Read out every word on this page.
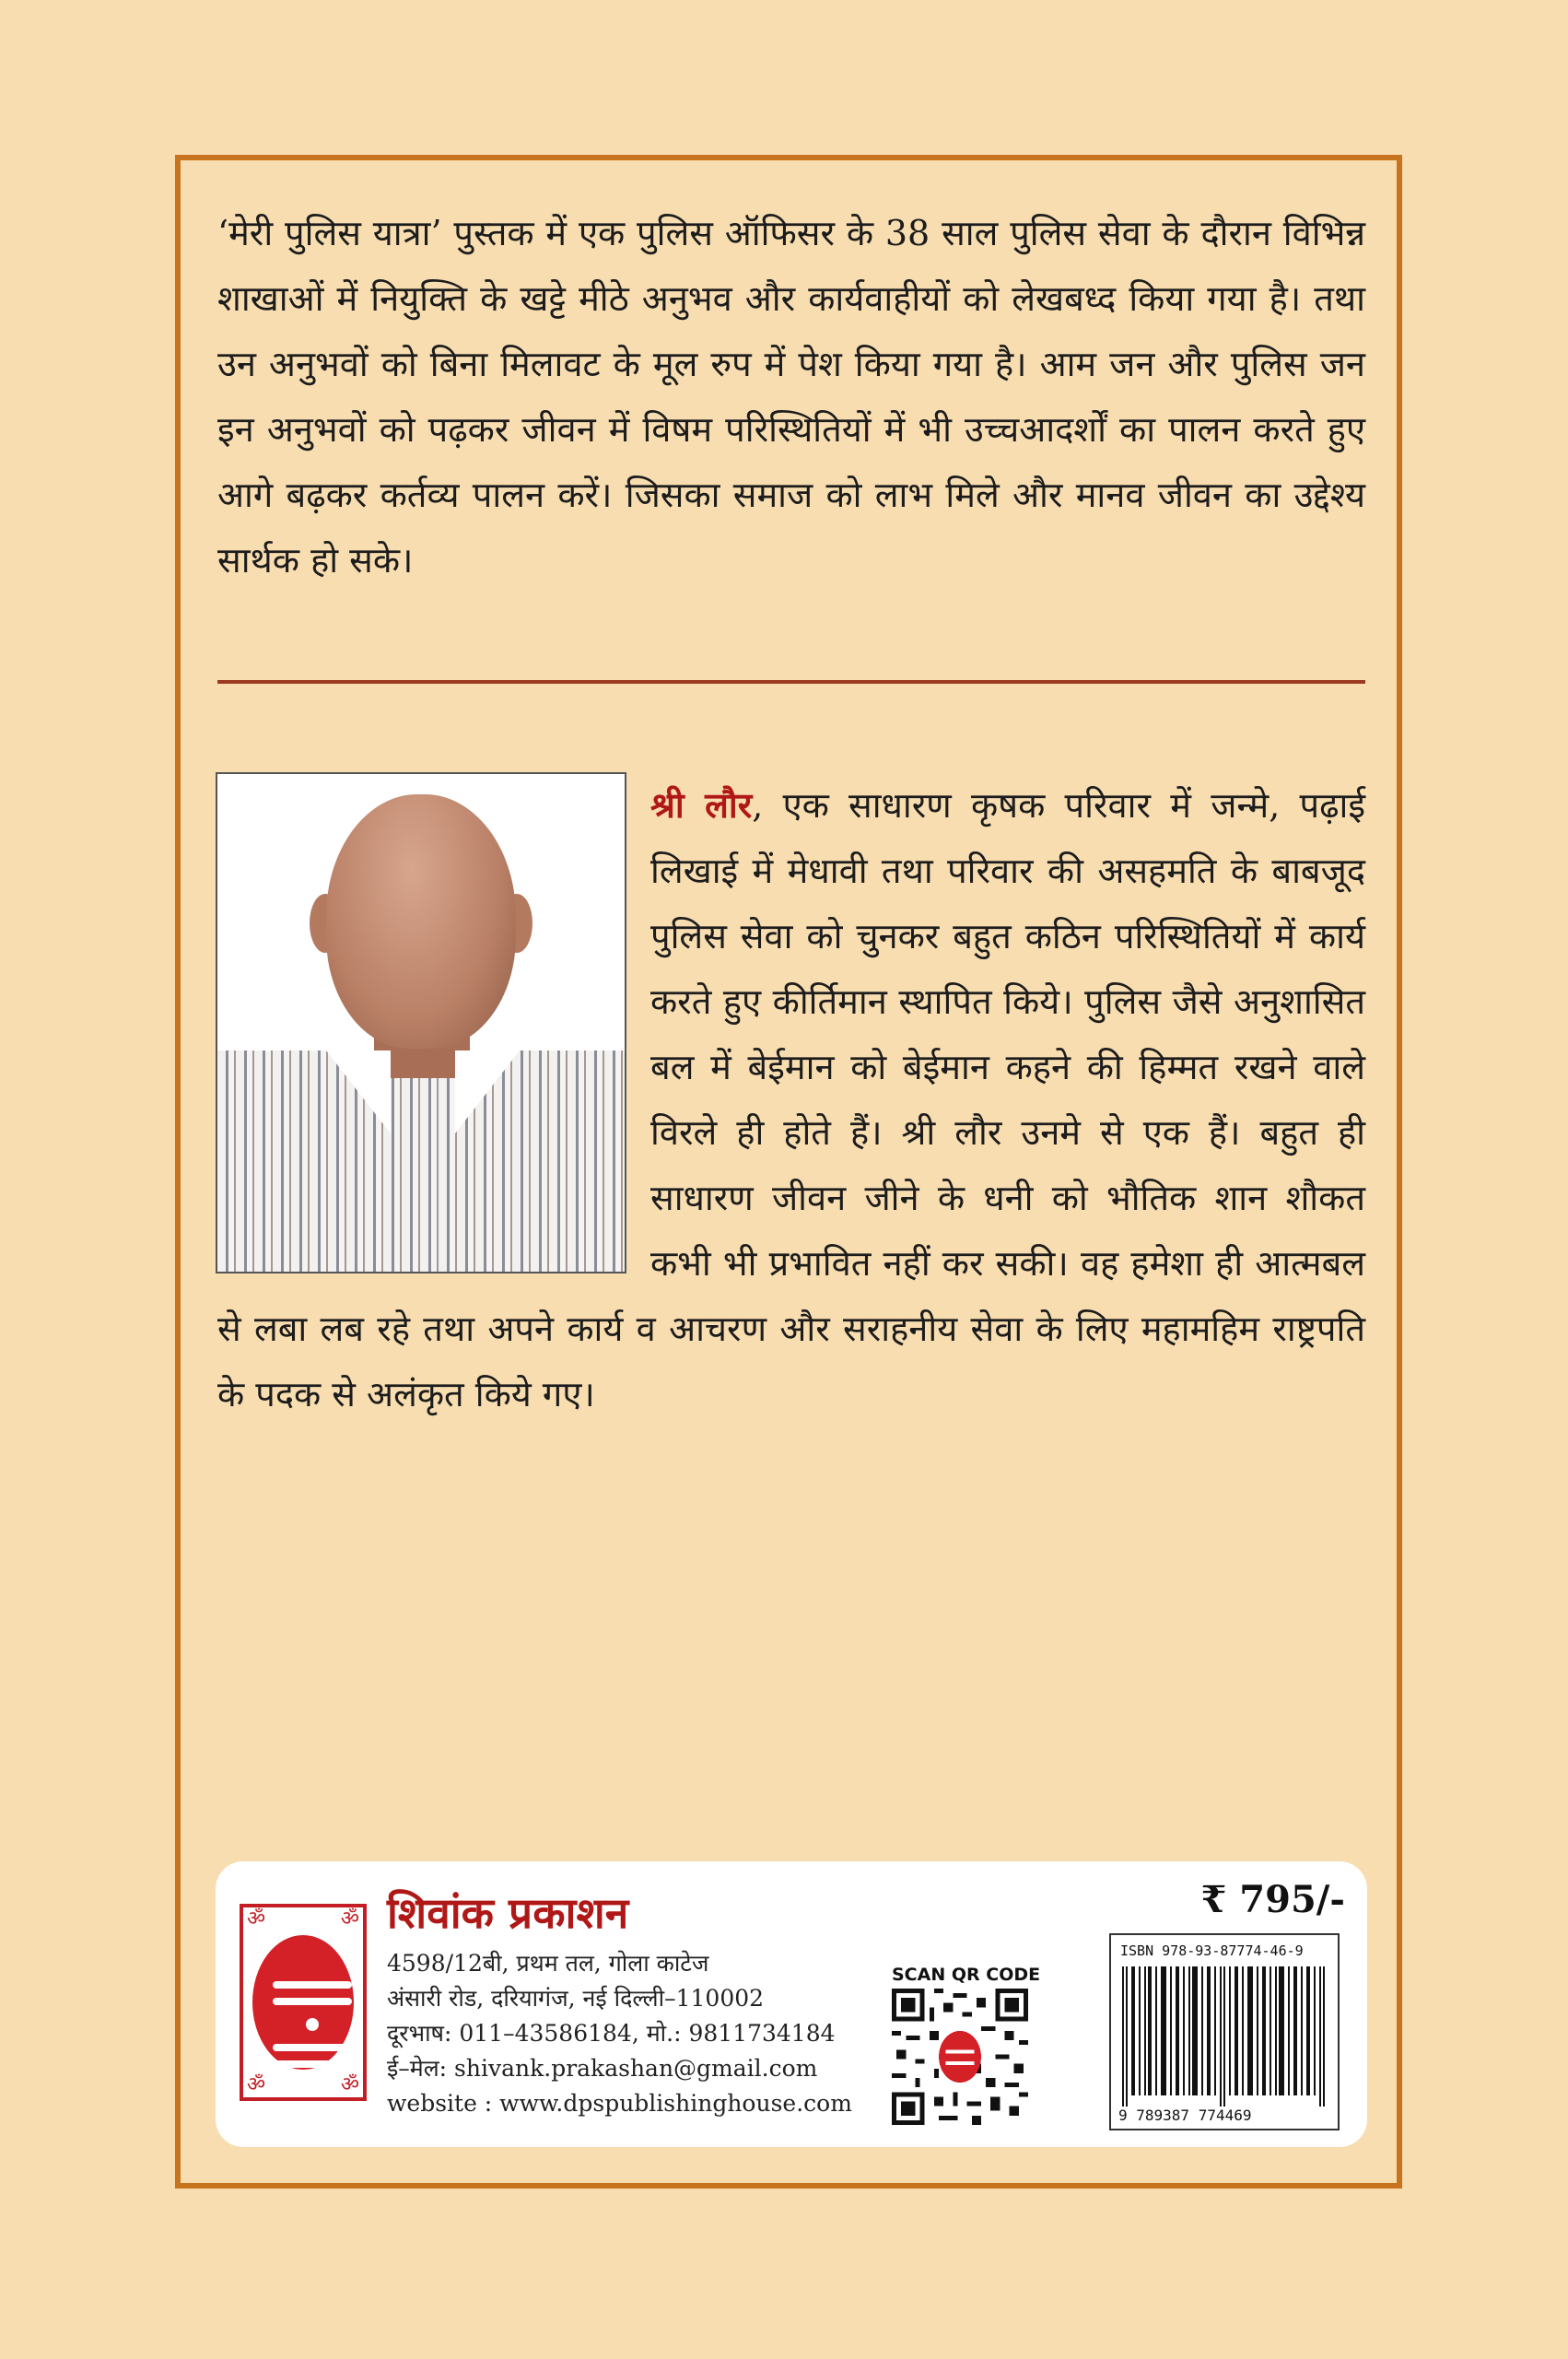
‘मेरी पुलिस यात्रा’ पुस्तक में एक पुलिस ऑफिसर के 38 साल पुलिस सेवा के दौरान विभिन्न शाखाओं में नियुक्ति के खट्टे मीठे अनुभव और कार्यवाहीयों को लेखबध्द किया गया है। तथा उन अनुभवों को बिना मिलावट के मूल रुप में पेश किया गया है। आम जन और पुलिस जन इन अनुभवों को पढ़कर जीवन में विषम परिस्थितियों में भी उच्चआदर्शों का पालन करते हुए आगे बढ़कर कर्तव्य पालन करें। जिसका समाज को लाभ मिले और मानव जीवन का उद्देश्य सार्थक हो सके।

श्री लौर, एक साधारण कृषक परिवार में जन्मे, पढ़ाई लिखाई में मेधावी तथा परिवार की असहमति के बाबजूद पुलिस सेवा को चुनकर बहुत कठिन परिस्थितियों में कार्य करते हुए कीर्तिमान स्थापित किये। पुलिस जैसे अनुशासित बल में बेईमान को बेईमान कहने की हिम्मत रखने वाले विरले ही होते हैं। श्री लौर उनमे से एक हैं। बहुत ही साधारण जीवन जीने के धनी को भौतिक शान शौकत कभी भी प्रभावित नहीं कर सकी। वह हमेशा ही आत्मबल से लबा लब रहे तथा अपने कार्य व आचरण और सराहनीय सेवा के लिए महामहिम राष्ट्रपति के पदक से अलंकृत किये गए।

ॐ	ॐ
ॐ	ॐ
शिवांक प्रकाशन
4598/12बी, प्रथम तल, गोला काटेज
अंसारी रोड, दरियागंज, नई दिल्ली–110002
दूरभाष: 011–43586184, मो.: 9811734184
ई–मेल: shivank.prakashan@gmail.com
website : www.dpspublishinghouse.com
SCAN QR CODE
₹ 795/-
ISBN 978-93-87774-46-9
9 789387 774469
